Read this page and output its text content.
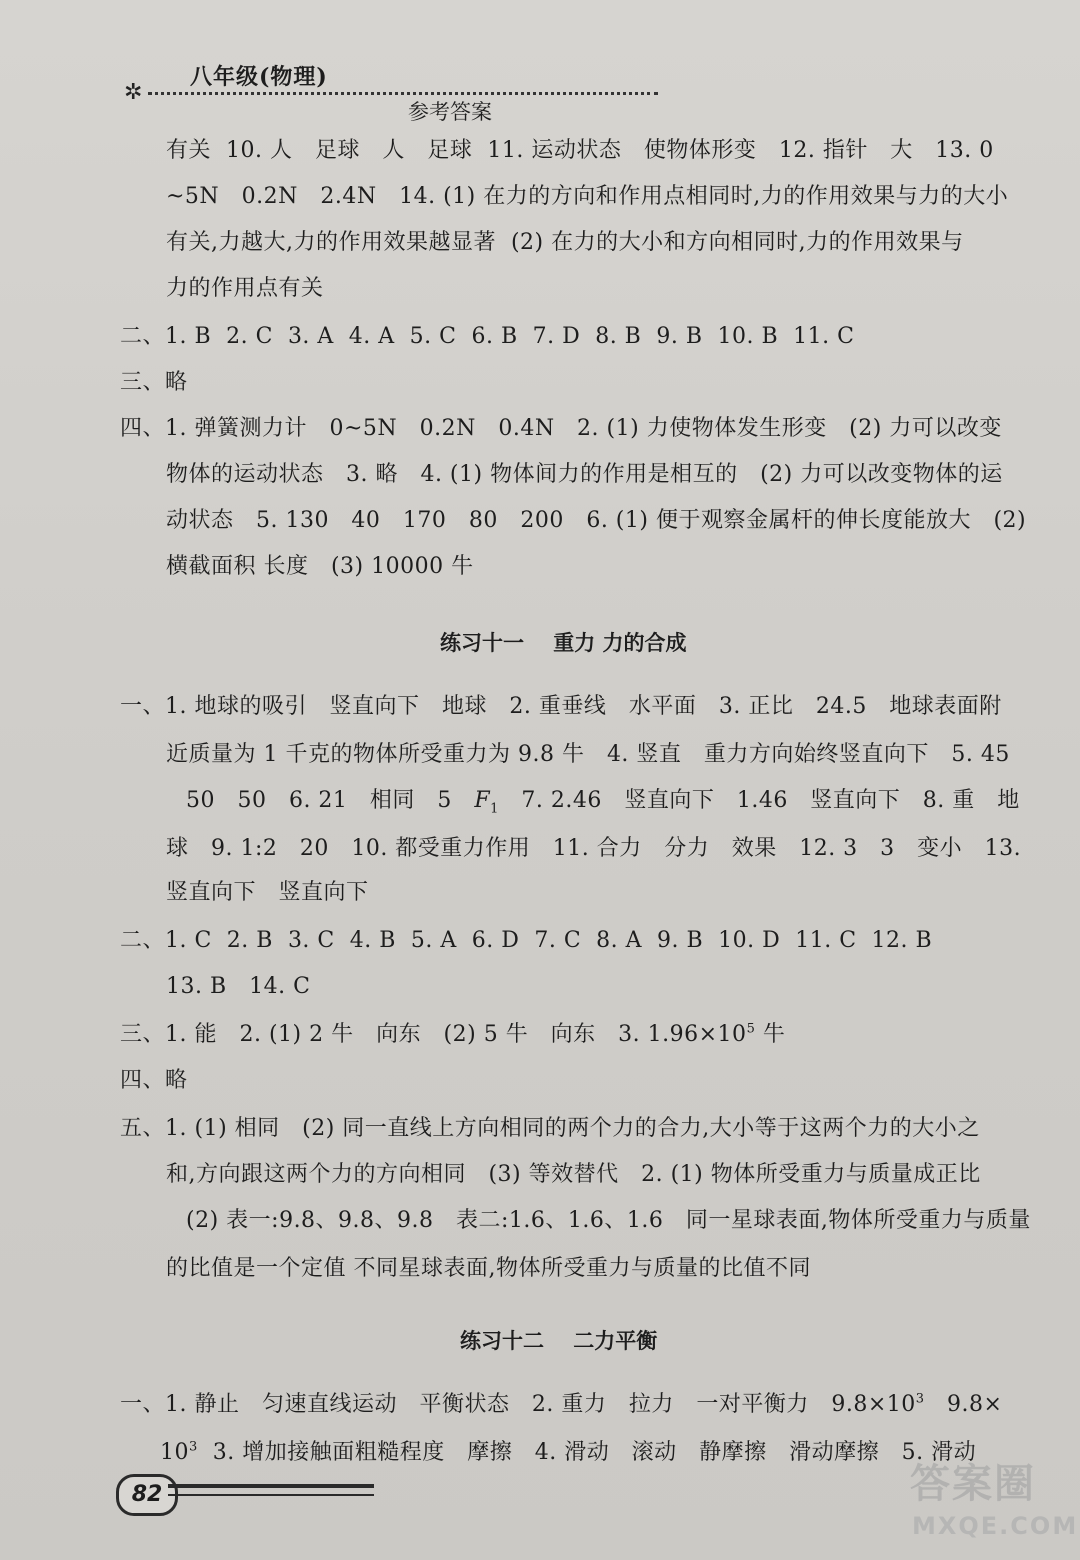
✲
八年级(物理)
参考答案
有关  10. 人   足球   人   足球  11. 运动状态   使物体形变   12. 指针   大   13. 0
~5N   0.2N   2.4N   14. (1) 在力的方向和作用点相同时,力的作用效果与力的大小
有关,力越大,力的作用效果越显著  (2) 在力的大小和方向相同时,力的作用效果与
力的作用点有关
二、1. B  2. C  3. A  4. A  5. C  6. B  7. D  8. B  9. B  10. B  11. C
三、略
四、1. 弹簧测力计   0~5N   0.2N   0.4N   2. (1) 力使物体发生形变   (2) 力可以改变
物体的运动状态   3. 略   4. (1) 物体间力的作用是相互的   (2) 力可以改变物体的运
动状态   5. 130   40   170   80   200   6. (1) 便于观察金属杆的伸长度能放大   (2)
横截面积 长度   (3) 10000 牛
练习十一    重力 力的合成
一、1. 地球的吸引   竖直向下   地球   2. 重垂线   水平面   3. 正比   24.5   地球表面附
近质量为 1 千克的物体所受重力为 9.8 牛   4. 竖直   重力方向始终竖直向下   5. 45
50   50   6. 21   相同   5 $F_1$ 7. 2.46   竖直向下   1.46   竖直向下   8. 重   地
球   9. 1:2   20   10. 都受重力作用   11. 合力   分力   效果   12. 3   3   变小   13.
竖直向下   竖直向下
二、1. C  2. B  3. C  4. B  5. A  6. D  7. C  8. A  9. B  10. D  11. C  12. B
13. B   14. C
三、1. 能   2. (1) 2 牛   向东   (2) 5 牛   向东   3. $1.96\times 10^5$ 牛
四、略
五、1. (1) 相同   (2) 同一直线上方向相同的两个力的合力,大小等于这两个力的大小之
和,方向跟这两个力的方向相同   (3) 等效替代   2. (1) 物体所受重力与质量成正比
(2) 表一:9.8、9.8、9.8   表二:1.6、1.6、1.6   同一星球表面,物体所受重力与质量
的比值是一个定值 不同星球表面,物体所受重力与质量的比值不同
练习十二    二力平衡
一、1. 静止   匀速直线运动   平衡状态   2. 重力   拉力   一对平衡力   $9.8\times 10^3$   9.8×
$10^3$  3. 增加接触面粗糙程度   摩擦   4. 滑动   滚动   静摩擦   滑动摩擦   5. 滑动
82	答案圈
MXQE.COM
